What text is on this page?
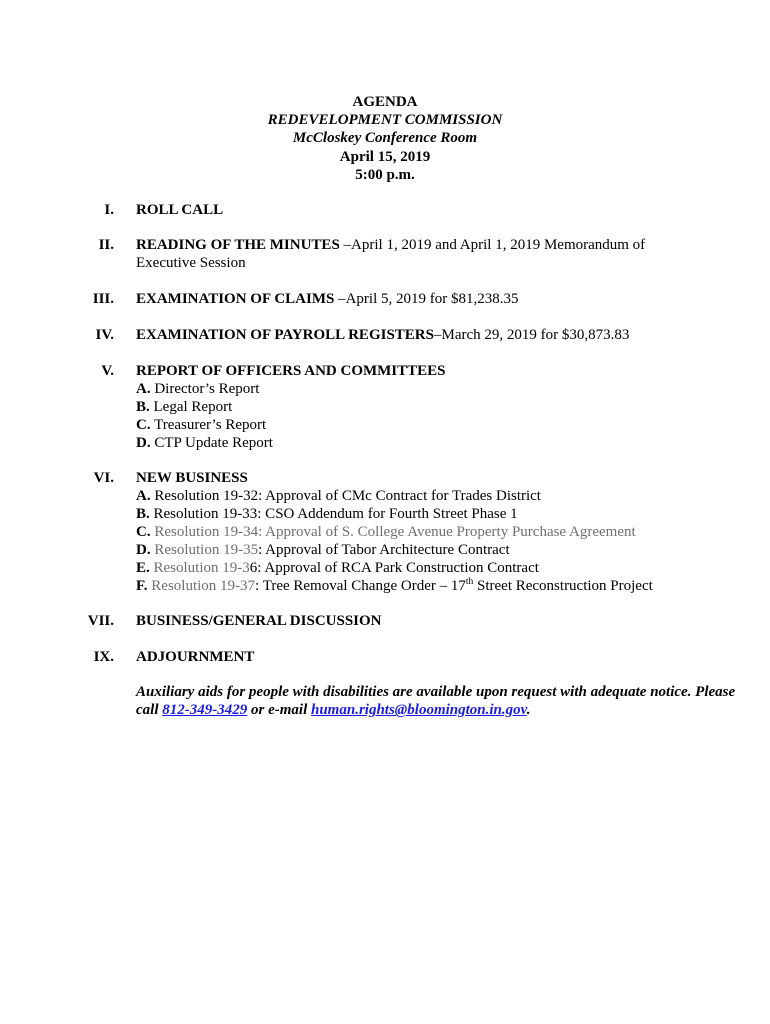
AGENDA
REDEVELOPMENT COMMISSION
McCloskey Conference Room
April 15, 2019
5:00 p.m.
I. ROLL CALL
II. READING OF THE MINUTES –April 1, 2019 and April 1, 2019 Memorandum of Executive Session
III. EXAMINATION OF CLAIMS –April 5, 2019 for $81,238.35
IV. EXAMINATION OF PAYROLL REGISTERS–March 29, 2019 for $30,873.83
V. REPORT OF OFFICERS AND COMMITTEES
A. Director’s Report
B. Legal Report
C. Treasurer’s Report
D. CTP Update Report
VI. NEW BUSINESS
A. Resolution 19-32: Approval of CMc Contract for Trades District
B. Resolution 19-33: CSO Addendum for Fourth Street Phase 1
C. Resolution 19-34: Approval of S. College Avenue Property Purchase Agreement
D. Resolution 19-35: Approval of Tabor Architecture Contract
E. Resolution 19-36: Approval of RCA Park Construction Contract
F. Resolution 19-37: Tree Removal Change Order – 17th Street Reconstruction Project
VII. BUSINESS/GENERAL DISCUSSION
IX. ADJOURNMENT
Auxiliary aids for people with disabilities are available upon request with adequate notice. Please call 812-349-3429 or e-mail human.rights@bloomington.in.gov.
